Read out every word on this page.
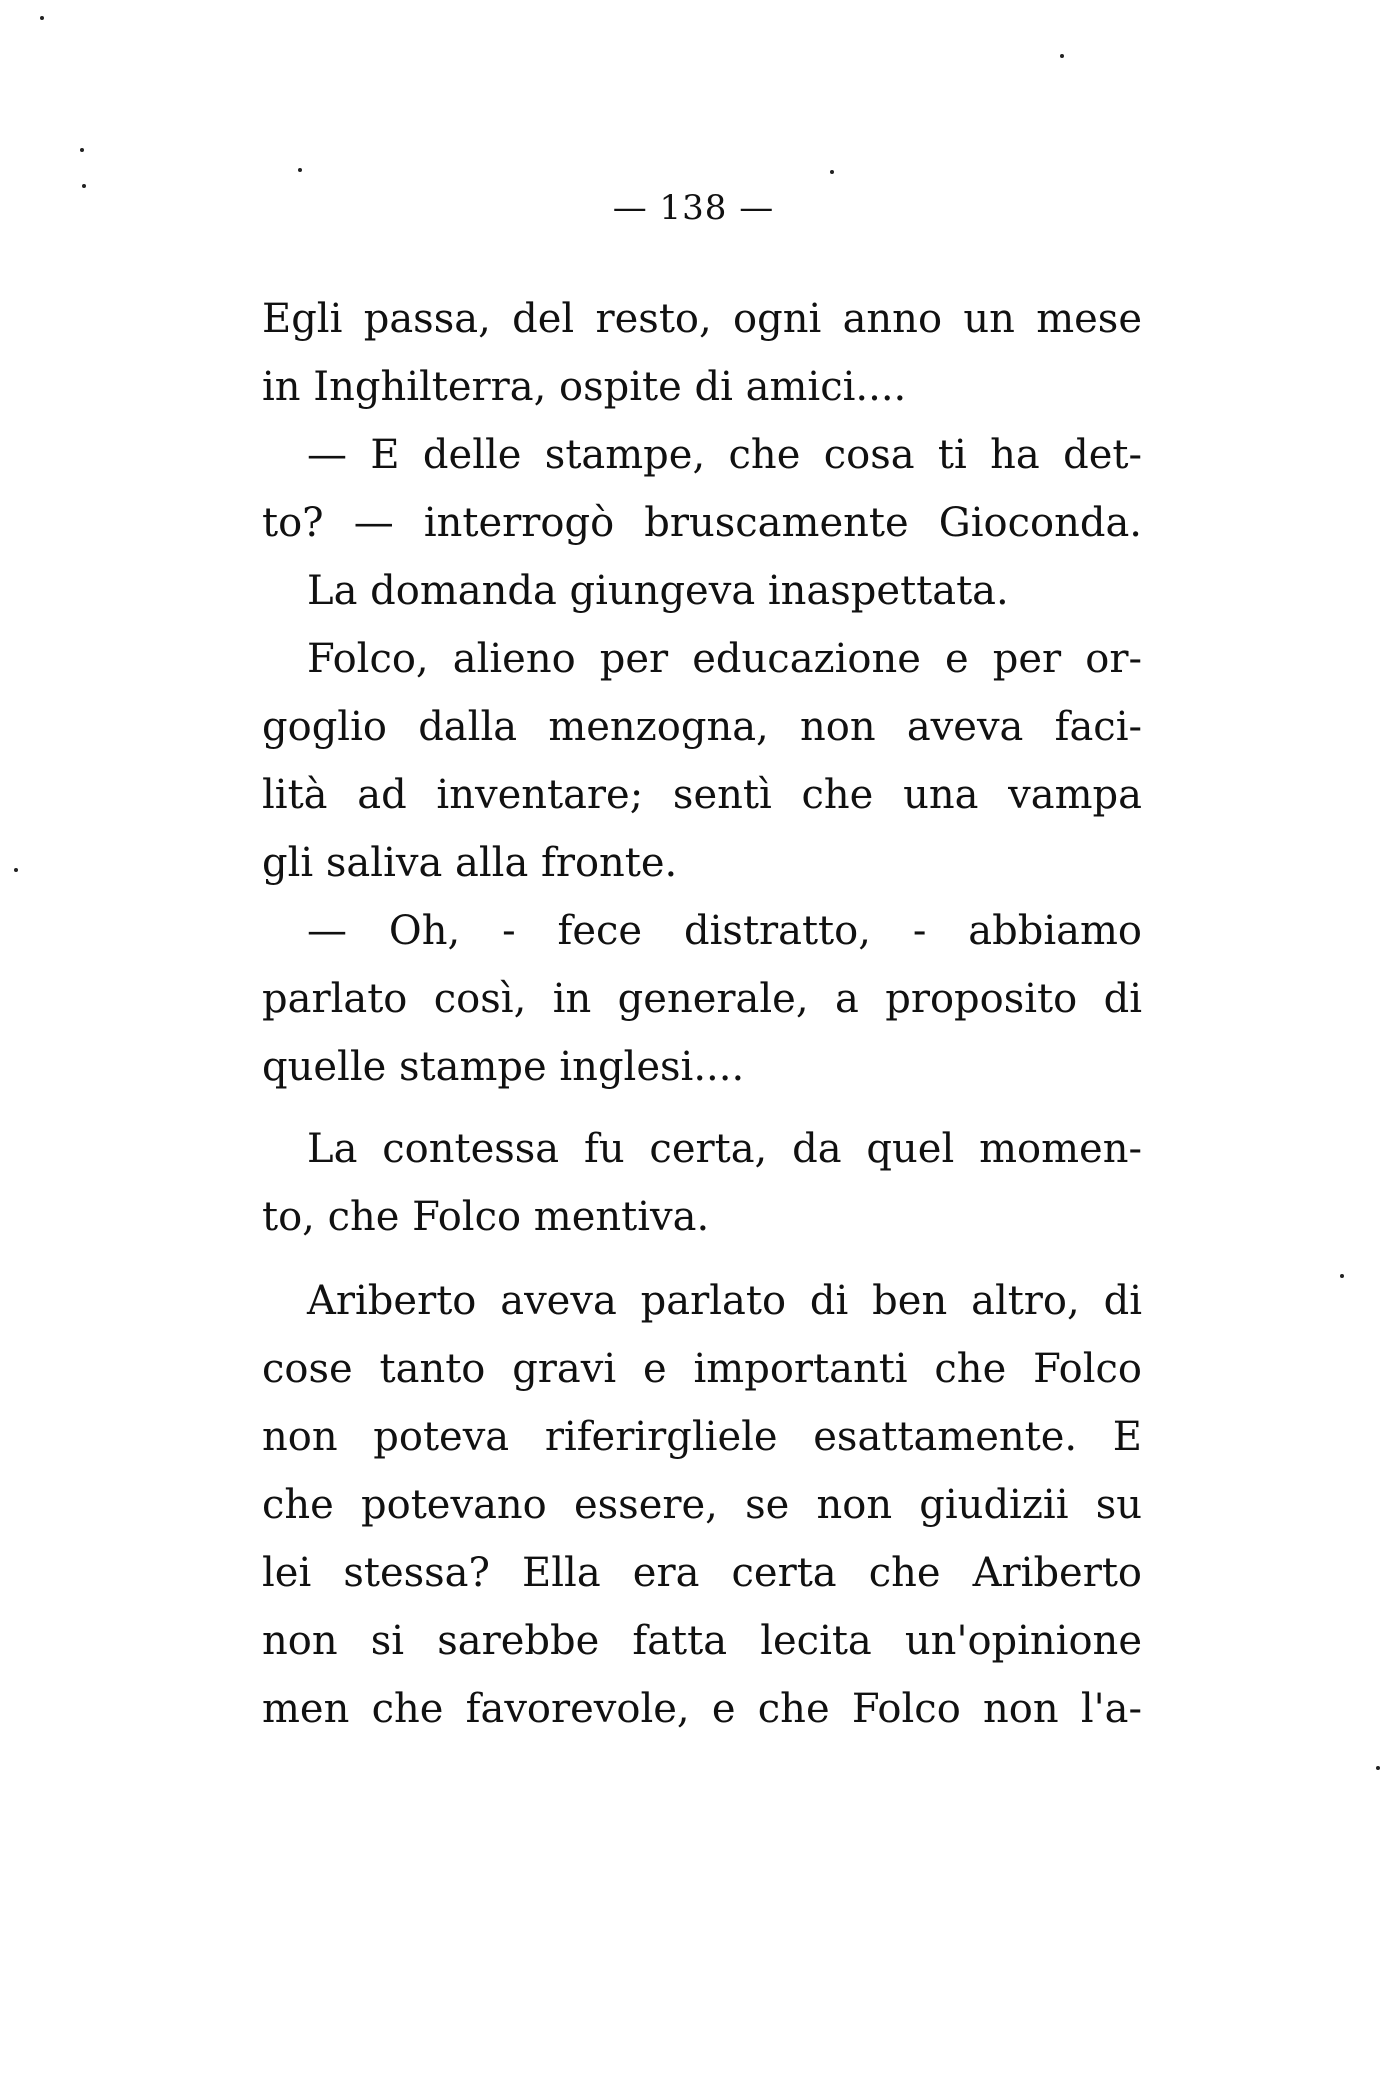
— 138 —
Egli passa, del resto, ogni anno un mese
in Inghilterra, ospite di amici....
— E delle stampe, che cosa ti ha det-
to? — interrogò bruscamente Gioconda.
La domanda giungeva inaspettata.
Folco, alieno per educazione e per or-
goglio dalla menzogna, non aveva faci-
lità ad inventare; sentì che una vampa
gli saliva alla fronte.
— Oh, - fece distratto, - abbiamo
parlato così, in generale, a proposito di
quelle stampe inglesi....
La contessa fu certa, da quel momen-
to, che Folco mentiva.
Ariberto aveva parlato di ben altro, di
cose tanto gravi e importanti che Folco
non poteva riferirgliele esattamente. E
che potevano essere, se non giudizii su
lei stessa? Ella era certa che Ariberto
non si sarebbe fatta lecita un'opinione
men che favorevole, e che Folco non l'a-
